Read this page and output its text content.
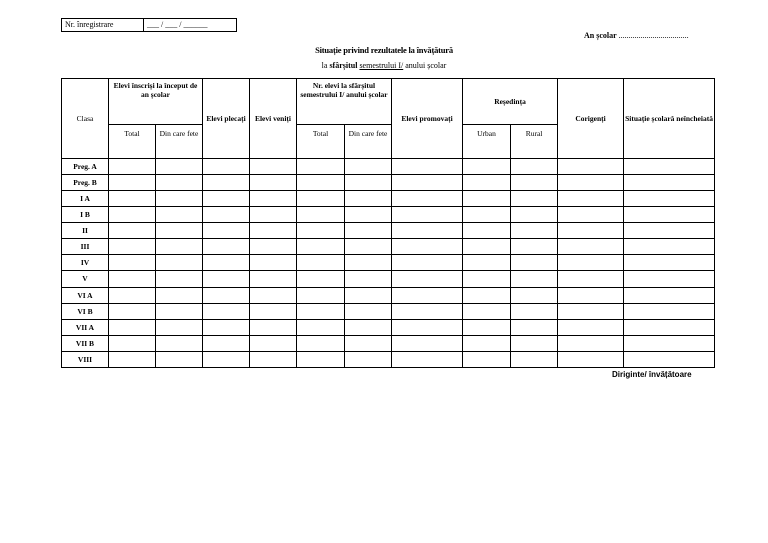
Nr. înregistrare	___ / ___ / ______
An școlar ...................................
Situație privind rezultatele la învățătură
la sfârșitul semestrului I/ anului școlar
Clasa	Elevi înscriși la început de an școlar		Elevi plecați	Elevi veniți	Nr. elevi la sfârșitul semestrului I/ anului școlar		Elevi promovați	Reședința		Corigenți	Situație școlară neîncheiată
	Total	Din care fete			Total	Din care fete		Urban	Rural		
Preg. A											
Preg. B											
I A											
I B											
II											
III											
IV											
V											
VI A											
VI B											
VII A											
VII B											
VIII											
Diriginte/ învățătoare
